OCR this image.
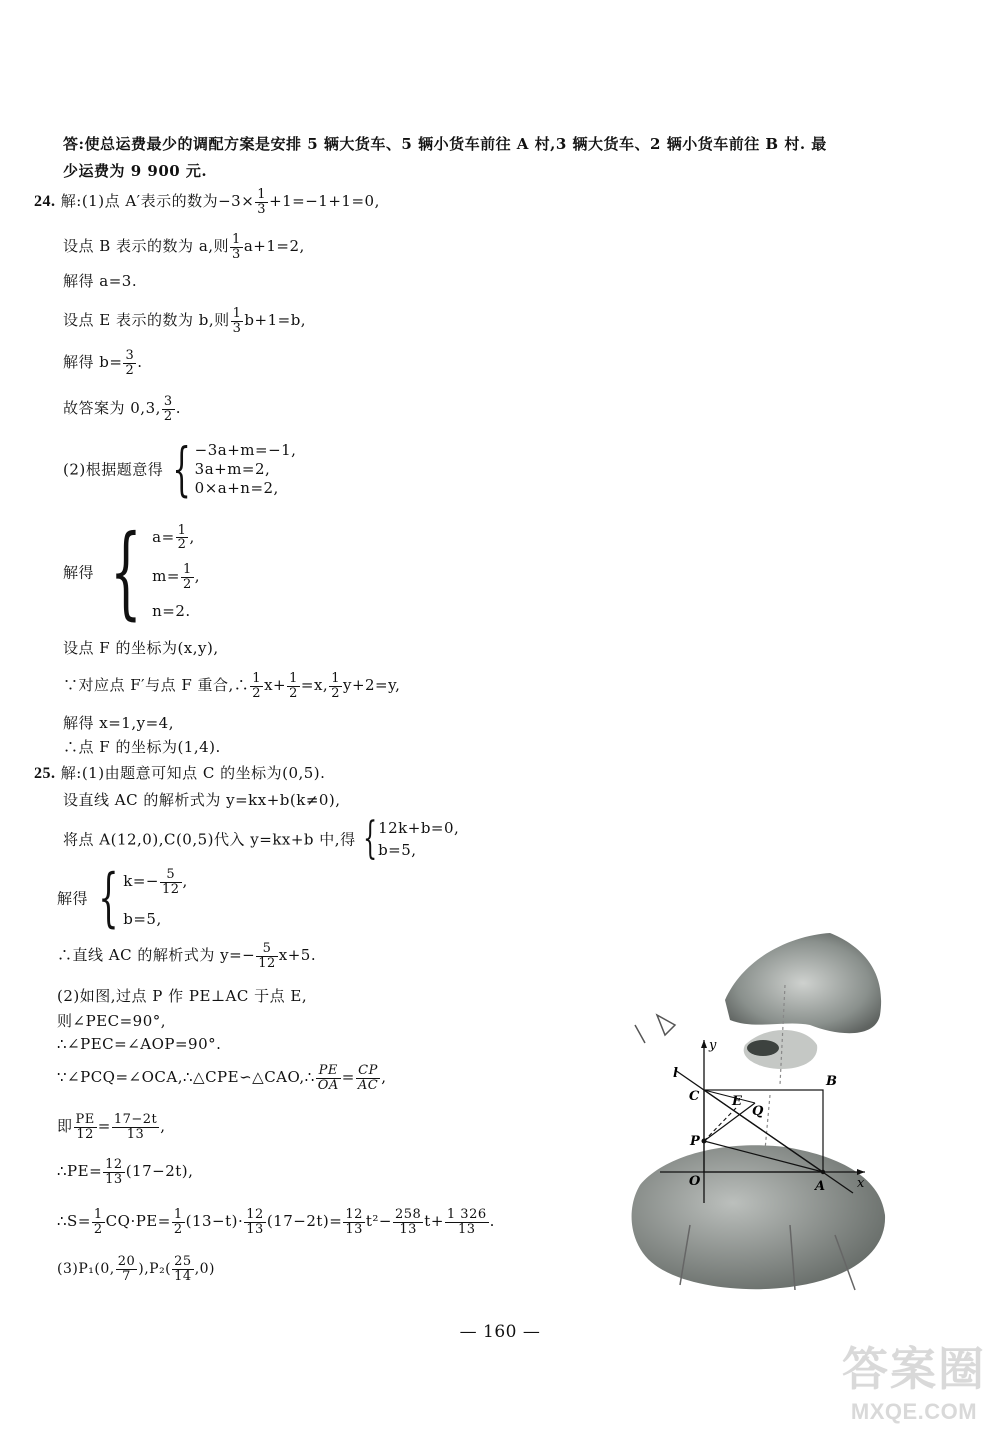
答:使总运费最少的调配方案是安排 5 辆大货车、5 辆小货车前往 A 村,3 辆大货车、2 辆小货车前往 B 村. 最
少运费为 9 900 元.
24. 解:(1)点 A′表示的数为$-3\times \frac{1}{3} +1=-1+1=0$,
设点 B 表示的数为 a,则 $\frac{1}{3} a+1=2$,
解得 a=3.
设点 E 表示的数为 b,则 $\frac{1}{3} b+1=b$,
解得 $b= \frac{3}{2}$ .
故答案为 0,3, $\frac{3}{2}$ .
(2)根据题意得 { −3a+m=−1,
3a+m=2,
0×a+n=2,
解得 { $a= \frac{1}{2}$ ,
$m= \frac{1}{2}$ ,
n=2.
设点 F 的坐标为(x,y),
∵对应点 F′与点 F 重合,∴ $\frac{1}{2} x+ \frac{1}{2} =x$, $\frac{1}{2} y+2=y$,
解得 x=1,y=4,
∴点 F 的坐标为(1,4).
25. 解:(1)由题意可知点 C 的坐标为(0,5).
设直线 AC 的解析式为 y=kx+b(k≠0),
将点 A(12,0),C(0,5)代入 y=kx+b 中,得 { 12k+b=0,
b=5,
解得 { $k=- \frac{5}{12}$ ,
b=5,
∴直线 AC 的解析式为 $y=- \frac{5}{12} x+5$.
(2)如图,过点 P 作 PE⊥AC 于点 E,
则∠PEC=90°,
∴∠PEC=∠AOP=90°.
∵∠PCQ=∠OCA,∴△CPE∽△CAO,∴ $\frac{PE}{OA} = \frac{CP}{AC}$ ,
即 $\frac{PE}{12} = \frac{17-2t}{13}$ ,
∴PE= $\frac{12}{13} (17-2t)$,
∴S= $\frac{1}{2} CQ\cdot PE= \frac{1}{2} (13-t)\cdot \frac{12}{13} (17-2t)= \frac{12}{13} t^2- \frac{258}{13} t+ \frac{1 326}{13}$ .
(3)P₁(0, $\frac{20}{7} ),P_2( \frac{25}{14} ,0)$
y
x
O	A
B
C
P
E
Q
l
— 160 —
答案圈
MXQE.COM
